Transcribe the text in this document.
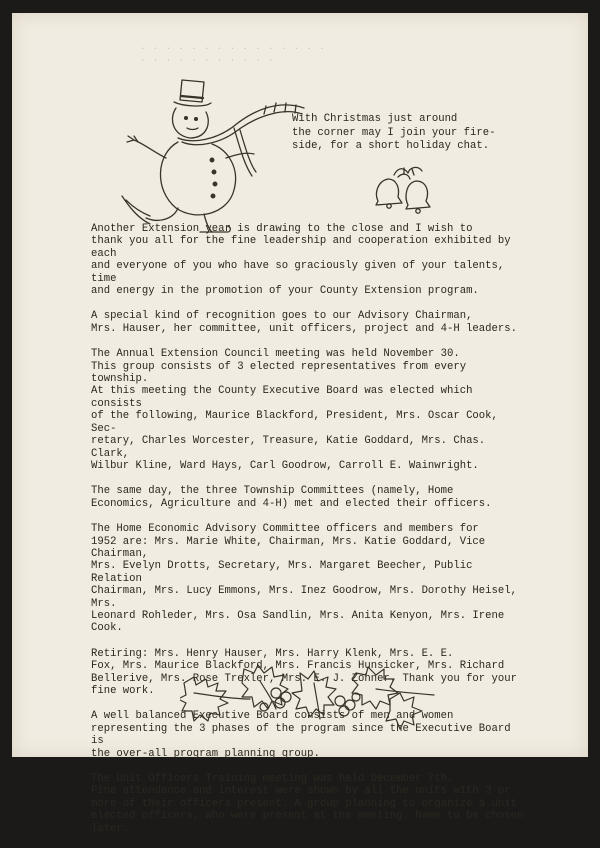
· · · · · · · · · · · · · · ·
· · · · · · · · · · ·
With Christmas just around
the corner may I join your fire-
side, for a short holiday chat.

Another Extension year is drawing to the close and I wish to
thank you all for the fine leadership and cooperation exhibited by each
and everyone of you who have so graciously given of your talents, time
and energy in the promotion of your County Extension program.

A special kind of recognition goes to our Advisory Chairman,
Mrs. Hauser, her committee, unit officers, project and 4-H leaders.

The Annual Extension Council meeting was held November 30.
This group consists of 3 elected representatives from every township.
At this meeting the County Executive Board was elected which consists
of the following, Maurice Blackford, President, Mrs. Oscar Cook, Sec-
retary, Charles Worcester, Treasure, Katie Goddard, Mrs. Chas. Clark,
Wilbur Kline, Ward Hays, Carl Goodrow, Carroll E. Wainwright.

The same day, the three Township Committees (namely, Home
Economics, Agriculture and 4-H) met and elected their officers.

The Home Economic Advisory Committee officers and members for
1952 are: Mrs. Marie White, Chairman, Mrs. Katie Goddard, Vice Chairman,
Mrs. Evelyn Drotts, Secretary, Mrs. Margaret Beecher, Public Relation
Chairman, Mrs. Lucy Emmons, Mrs. Inez Goodrow, Mrs. Dorothy Heisel, Mrs.
Leonard Rohleder, Mrs. Osa Sandlin, Mrs. Anita Kenyon, Mrs. Irene Cook.

Retiring: Mrs. Henry Hauser, Mrs. Harry Klenk, Mrs. E. E.
Fox, Mrs. Maurice Blackford, Mrs. Francis Hunsicker, Mrs. Richard
Bellerive, Mrs. Rose Trexler, Mrs. E. J. Zohner. Thank you for your
fine work.

A well balanced Executive Board consists of men and women
representing the 3 phases of the program since the Executive Board is
the over-all program planning group.

The Unit Officers Training meeting was held December 7th.
Fine attendance and interest were shown by all the units with 3 or
more of their officers present. A group planning to organize a unit
elected officers, who were present at the meeting. Name to be chosen
later.
